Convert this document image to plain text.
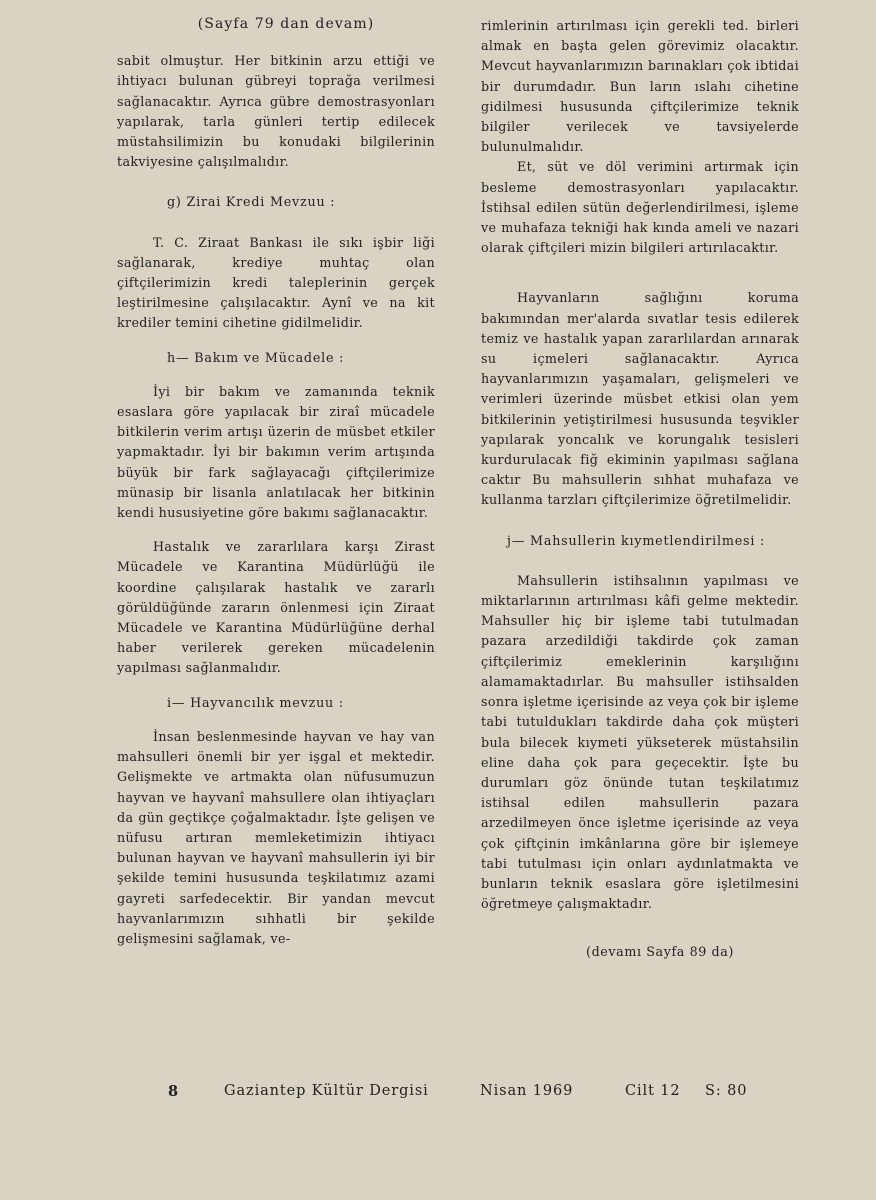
(Sayfa 79 dan devam)

sabit olmuştur. Her bitkinin arzu ettiği ve ihtiyacı bulunan gübreyi toprağa verilmesi sağlanacaktır. Ayrıca gübre demostrasyonları yapılarak, tarla günleri tertip edilecek müstahsilimizin bu konudaki bilgilerinin takviyesine çalışılmalıdır.

g) Zirai Kredi Mevzuu :

T. C. Ziraat Bankası ile sıkı işbir liği sağlanarak, krediye muhtaç olan çiftçilerimizin kredi taleplerinin gerçek leştirilmesine çalışılacaktır. Aynî ve na kit krediler temini cihetine gidilmelidir.

h— Bakım ve Mücadele :

İyi bir bakım ve zamanında teknik esaslara göre yapılacak bir ziraî mücadele bitkilerin verim artışı üzerin de müsbet etkiler yapmaktadır. İyi bir bakımın verim artışında büyük bir fark sağlayacağı çiftçilerimize münasip bir lisanla anlatılacak her bitkinin kendi hususiyetine göre bakımı sağlanacaktır.

Hastalık ve zararlılara karşı Zirast Mücadele ve Karantina Müdürlüğü ile koordine çalışılarak hastalık ve zararlı görüldüğünde zararın önlenmesi için Ziraat Mücadele ve Karantina Müdürlüğüne derhal haber verilerek gereken mücadelenin yapılması sağlanmalıdır.

i— Hayvancılık mevzuu :

İnsan beslenmesinde hayvan ve hay van mahsulleri önemli bir yer işgal et mektedir. Gelişmekte ve artmakta olan nüfusumuzun hayvan ve hayvanî mahsullere olan ihtiyaçları da gün geçtikçe çoğalmaktadır. İşte gelişen ve nüfusu artıran memleketimizin ihtiyacı bulunan hayvan ve hayvanî mahsullerin iyi bir şekilde temini hususunda teşkilatımız azami gayreti sarfedecektir. Bir yandan mevcut hayvanlarımızın sıhhatli bir şekilde gelişmesini sağlamak, ve-

rimlerinin artırılması için gerekli ted. birleri almak en başta gelen görevimiz olacaktır. Mevcut hayvanlarımızın barınakları çok ibtidai bir durumdadır. Bun ların ıslahı cihetine gidilmesi hususunda çiftçilerimize teknik bilgiler verilecek ve tavsiyelerde bulunulmalıdır.

Et, süt ve döl verimini artırmak için besleme demostrasyonları yapılacaktır. İstihsal edilen sütün değerlendirilmesi, işleme ve muhafaza tekniği hak kında ameli ve nazari olarak çiftçileri mizin bilgileri artırılacaktır.

Hayvanların sağlığını koruma bakımından mer'alarda sıvatlar tesis edilerek temiz ve hastalık yapan zararlılardan arınarak su içmeleri sağlanacaktır. Ayrıca hayvanlarımızın yaşamaları, gelişmeleri ve verimleri üzerinde müsbet etkisi olan yem bitkilerinin yetiştirilmesi hususunda teşvikler yapılarak yoncalık ve korungalık tesisleri kurdurulacak fiğ ekiminin yapılması sağlana caktır Bu mahsullerin sıhhat muhafaza ve kullanma tarzları çiftçilerimize öğretilmelidir.

j— Mahsullerin kıymetlendirilmesi :

Mahsullerin istihsalının yapılması ve miktarlarının artırılması kâfi gelme mektedir. Mahsuller hiç bir işleme tabi tutulmadan pazara arzedildiği takdirde çok zaman çiftçilerimiz emeklerinin karşılığını alamamaktadırlar. Bu mahsuller istihsalden sonra işletme içerisinde az veya çok bir işleme tabi tutuldukları takdirde daha çok müşteri bula bilecek kıymeti yükseterek müstahsilin eline daha çok para geçecektir. İşte bu durumları göz önünde tutan teşkilatımız istihsal edilen mahsullerin pazara arzedilmeyen önce işletme içerisinde az veya çok çiftçinin imkânlarına göre bir işlemeye tabi tutulması için onları aydınlatmakta ve bunların teknik esaslara göre işletilmesini öğretmeye çalışmaktadır.

(devamı Sayfa 89 da)

8	Gaziantep Kültür Dergisi	Nisan 1969	Cilt 12 S: 80
